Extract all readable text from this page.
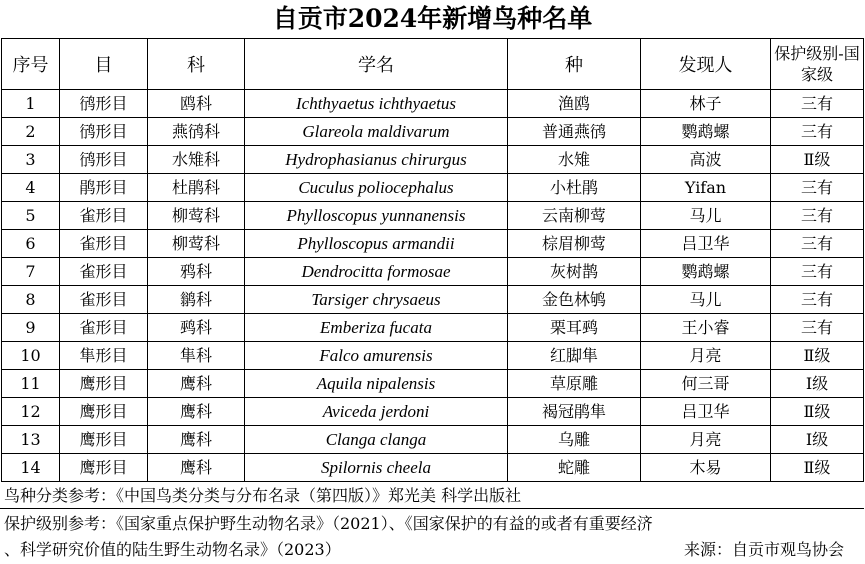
自贡市2024年新增鸟种名单
序号	目	科	学名	种	发现人	保护级别-国家级
1	鸻形目	鸥科	Ichthyaetus ichthyaetus	渔鸥	林子	三有
2	鸻形目	燕鸻科	Glareola maldivarum	普通燕鸻	鹦鹉螺	三有
3	鸻形目	水雉科	Hydrophasianus chirurgus	水雉	高波	Ⅱ级
4	鹃形目	杜鹃科	Cuculus poliocephalus	小杜鹃	Yifan	三有
5	雀形目	柳莺科	Phylloscopus yunnanensis	云南柳莺	马儿	三有
6	雀形目	柳莺科	Phylloscopus armandii	棕眉柳莺	吕卫华	三有
7	雀形目	鸦科	Dendrocitta formosae	灰树鹊	鹦鹉螺	三有
8	雀形目	鹟科	Tarsiger chrysaeus	金色林鸲	马儿	三有
9	雀形目	鹀科	Emberiza fucata	栗耳鹀	王小睿	三有
10	隼形目	隼科	Falco amurensis	红脚隼	月亮	Ⅱ级
11	鹰形目	鹰科	Aquila nipalensis	草原雕	何三哥	Ⅰ级
12	鹰形目	鹰科	Aviceda jerdoni	褐冠鹃隼	吕卫华	Ⅱ级
13	鹰形目	鹰科	Clanga clanga	乌雕	月亮	Ⅰ级
14	鹰形目	鹰科	Spilornis cheela	蛇雕	木易	Ⅱ级
鸟种分类参考：《中国鸟类分类与分布名录（第四版）》郑光美 科学出版社
保护级别参考：《国家重点保护野生动物名录》（2021）、《国家保护的有益的或者有重要经济
、科学研究价值的陆生野生动物名录》（2023）	来源：自贡市观鸟协会
